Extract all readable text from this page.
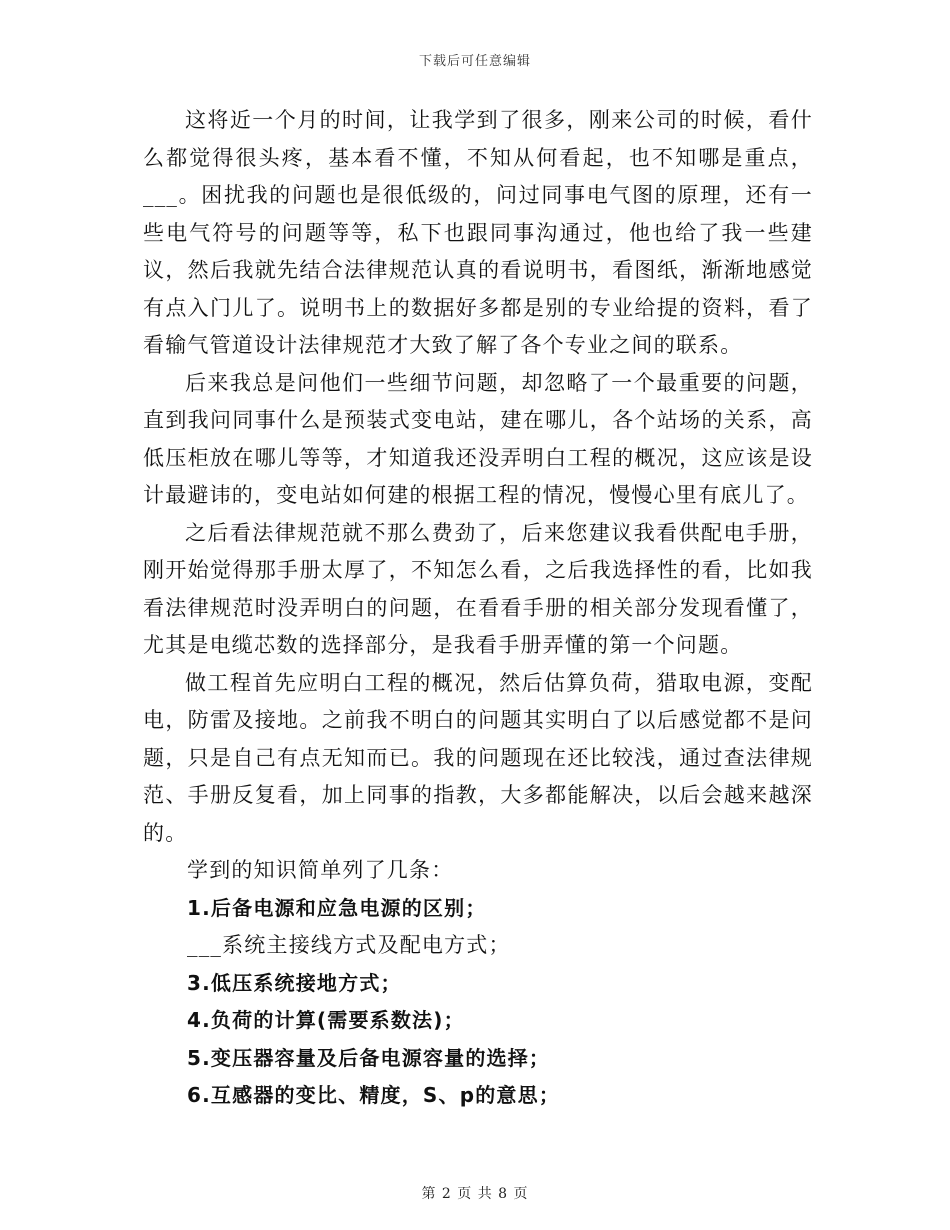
下载后可任意编辑

这将近一个月的时间，让我学到了很多，刚来公司的时候，看什么都觉得很头疼，基本看不懂，不知从何看起，也不知哪是重点，___。困扰我的问题也是很低级的，问过同事电气图的原理，还有一些电气符号的问题等等，私下也跟同事沟通过，他也给了我一些建议，然后我就先结合法律规范认真的看说明书，看图纸，渐渐地感觉有点入门儿了。说明书上的数据好多都是别的专业给提的资料，看了看输气管道设计法律规范才大致了解了各个专业之间的联系。

后来我总是问他们一些细节问题，却忽略了一个最重要的问题，直到我问同事什么是预装式变电站，建在哪儿，各个站场的关系，高低压柜放在哪儿等等，才知道我还没弄明白工程的概况，这应该是设计最避讳的，变电站如何建的根据工程的情况，慢慢心里有底儿了。

之后看法律规范就不那么费劲了，后来您建议我看供配电手册，刚开始觉得那手册太厚了，不知怎么看，之后我选择性的看，比如我看法律规范时没弄明白的问题，在看看手册的相关部分发现看懂了，尤其是电缆芯数的选择部分，是我看手册弄懂的第一个问题。

做工程首先应明白工程的概况，然后估算负荷，猎取电源，变配电，防雷及接地。之前我不明白的问题其实明白了以后感觉都不是问题，只是自己有点无知而已。我的问题现在还比较浅，通过查法律规范、手册反复看，加上同事的指教，大多都能解决，以后会越来越深的。

学到的知识简单列了几条：
1.后备电源和应急电源的区别；
___系统主接线方式及配电方式；
3.低压系统接地方式；
4.负荷的计算(需要系数法)；
5.变压器容量及后备电源容量的选择；
6.互感器的变比、精度，S、p的意思；
第 2 页 共 8 页
